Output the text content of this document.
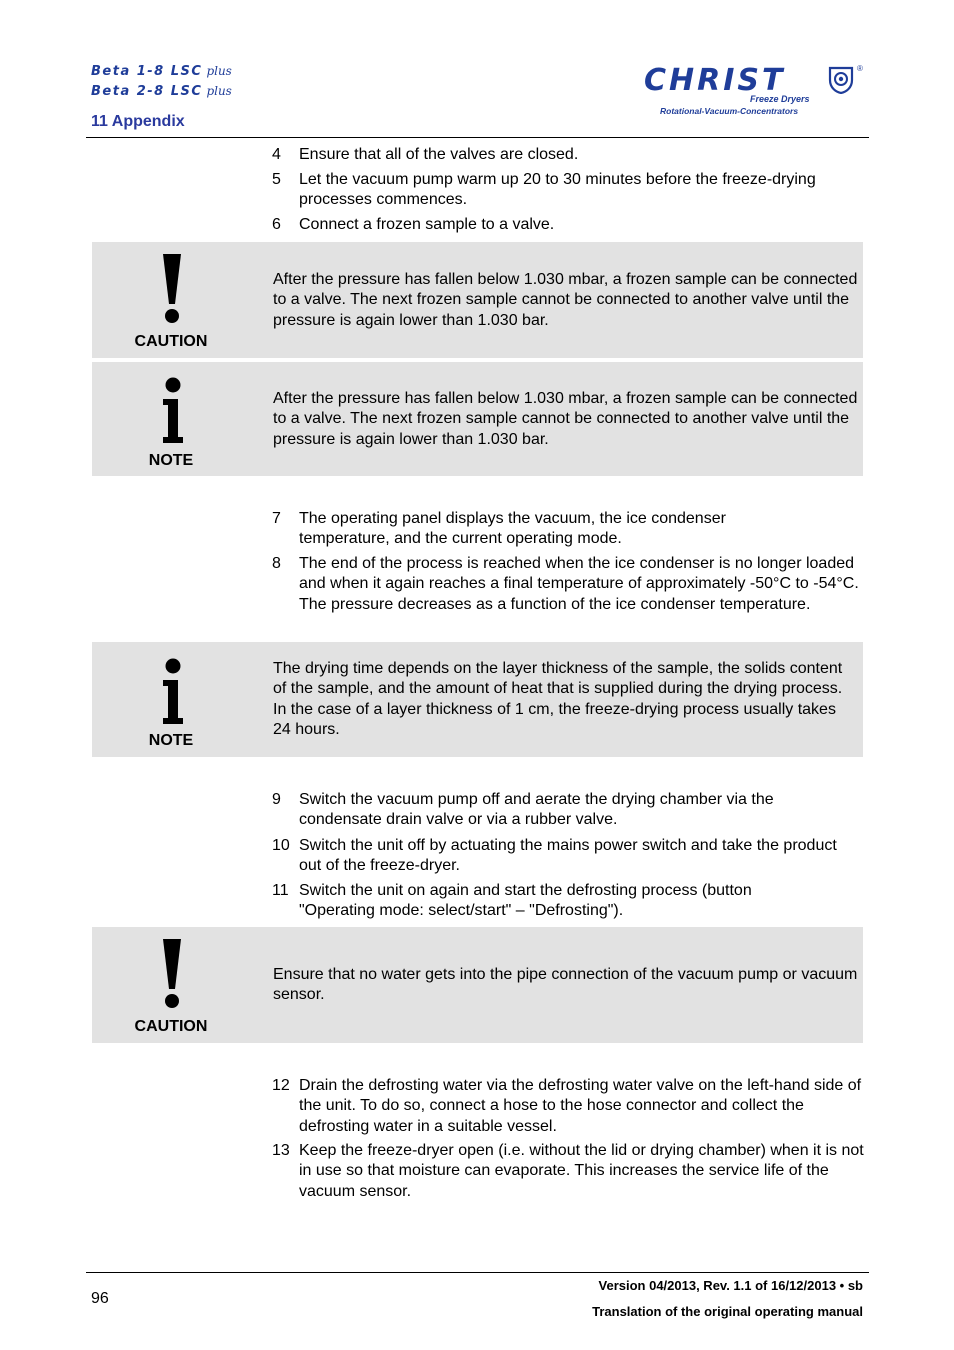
Beta 1-8 LSC plus
Beta 2-8 LSC plus
11 Appendix
CHRIST	®
Freeze Dryers
Rotational-Vacuum-Concentrators
4 Ensure that all of the valves are closed.
5 Let the vacuum pump warm up 20 to 30 minutes before the freeze-drying processes commences.
6 Connect a frozen sample to a valve.
CAUTION
After the pressure has fallen below 1.030 mbar, a frozen sample can be connected to a valve. The next frozen sample cannot be connected to another valve until the pressure is again lower than 1.030 bar.
NOTE
After the pressure has fallen below 1.030 mbar, a frozen sample can be connected to a valve. The next frozen sample cannot be connected to another valve until the pressure is again lower than 1.030 bar.
7 The operating panel displays the vacuum, the ice condenser temperature, and the current operating mode.
8 The end of the process is reached when the ice condenser is no longer loaded and when it again reaches a final temperature of approximately -50°C to -54°C. The pressure decreases as a function of the ice condenser temperature.
NOTE
The drying time depends on the layer thickness of the sample, the solids content of the sample, and the amount of heat that is supplied during the drying process. In the case of a layer thickness of 1 cm, the freeze-drying process usually takes 24 hours.
9 Switch the vacuum pump off and aerate the drying chamber via the condensate drain valve or via a rubber valve.
10 Switch the unit off by actuating the mains power switch and take the product out of the freeze-dryer.
11 Switch the unit on again and start the defrosting process (button "Operating mode: select/start" – "Defrosting").
CAUTION
Ensure that no water gets into the pipe connection of the vacuum pump or vacuum sensor.
12 Drain the defrosting water via the defrosting water valve on the left-hand side of the unit. To do so, connect a hose to the hose connector and collect the defrosting water in a suitable vessel.
13 Keep the freeze-dryer open (i.e. without the lid or drying chamber) when it is not in use so that moisture can evaporate. This increases the service life of the vacuum sensor.
96
Version 04/2013, Rev. 1.1 of 16/12/2013 • sb
Translation of the original operating manual
